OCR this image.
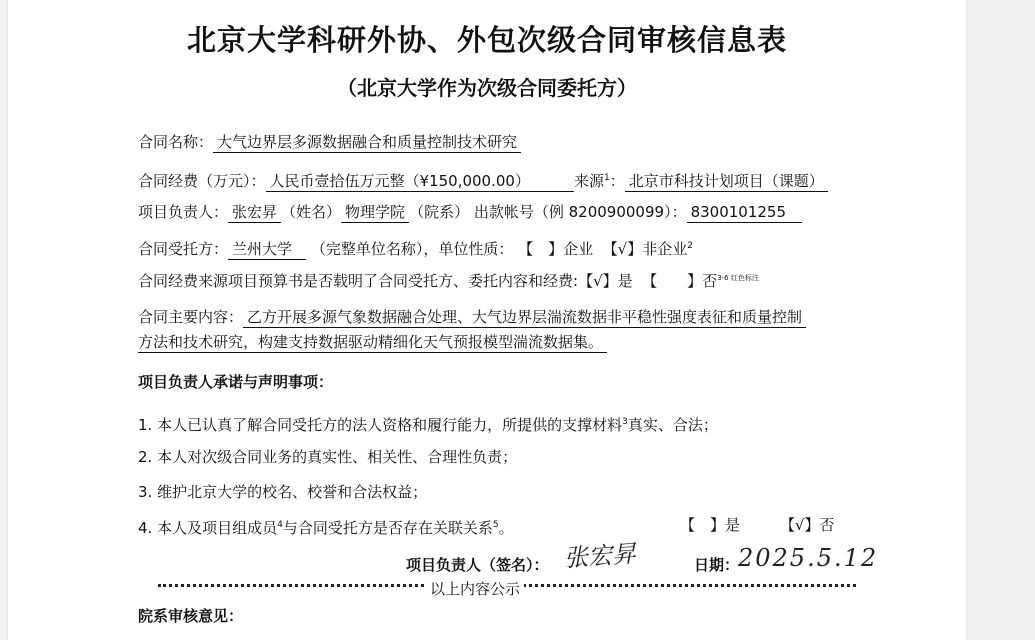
北京大学科研外协、外包次级合同审核信息表
（北京大学作为次级合同委托方）
合同名称： 大气边界层多源数据融合和质量控制技术研究
合同经费（万元）： 人民币壹拾伍万元整（¥150,000.00）	来源$^1$： 北京市科技计划项目（课题）
项目负责人： 张宏昇 （姓名） 物理学院 （院系） 出款帐号（例 8200900099）： 8300101255
合同受托方： 兰州大学 （完整单位名称），单位性质： 【　】企业 【√】非企业$^2$
合同经费来源项目预算书是否载明了合同受托方、委托内容和经费:【√】是 【　　】否$^{3-6 红色标注}$
合同主要内容： 乙方开展多源气象数据融合处理、大气边界层湍流数据非平稳性强度表征和质量控制
方法和技术研究，构建支持数据驱动精细化天气预报模型湍流数据集。
项目负责人承诺与声明事项：
1. 本人已认真了解合同受托方的法人资格和履行能力，所提供的支撑材料$^3$真实、合法；
2. 本人对次级合同业务的真实性、相关性、合理性负责；
3. 维护北京大学的校名、校誉和合法权益；
4. 本人及项目组成员$^4$与合同受托方是否存在关联关系$^5$。	【　】是	【√】否
项目负责人（签名）： 张宏昇	日期：
2025.5.12
以上内容公示
院系审核意见：
